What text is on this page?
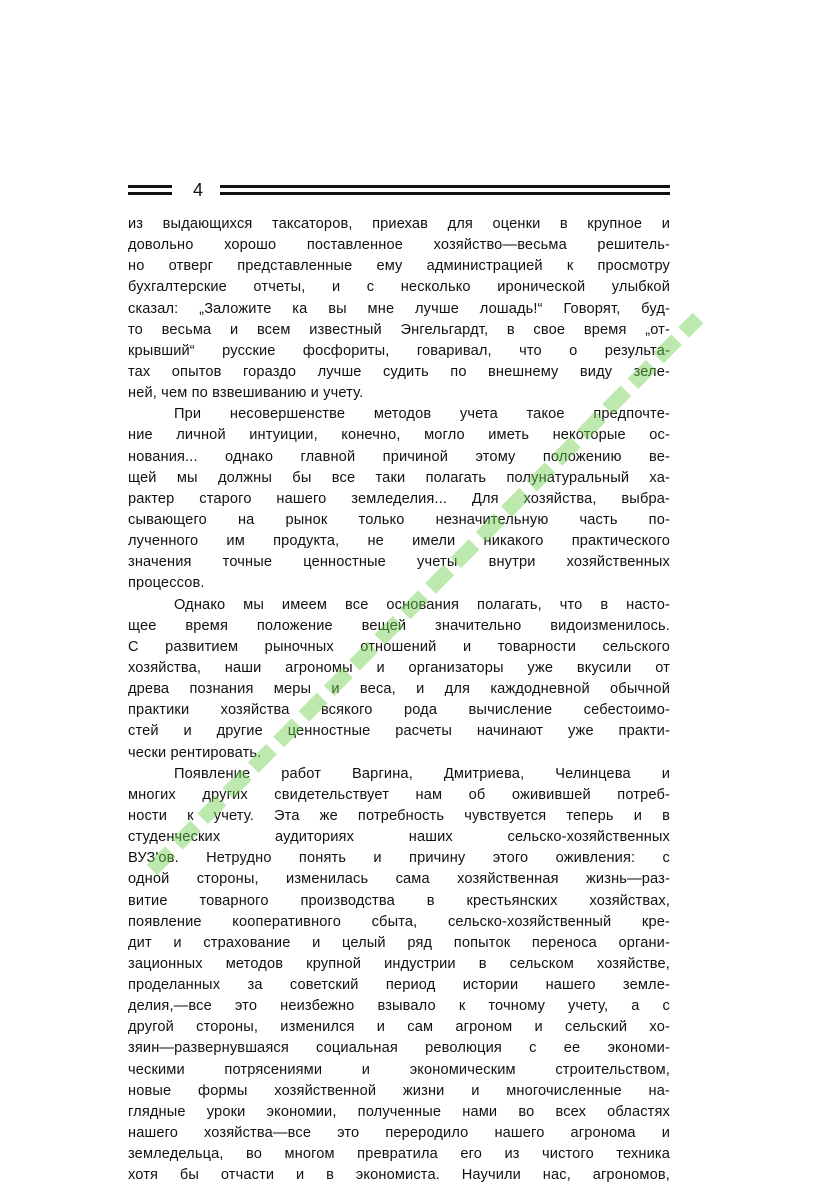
4
из выдающихся таксаторов, приехав для оценки в крупное и
довольно хорошо поставленное хозяйство—весьма решитель-
но отверг представленные ему администрацией к просмотру
бухгалтерские отчеты, и с несколько иронической улыбкой
сказал: „Заложите ка вы мне лучше лошадь!“ Говорят, буд-
то весьма и всем известный Энгельгардт, в свое время „от-
крывший“ русские фосфориты, говаривал, что о результа-
тах опытов гораздо лучше судить по внешнему виду зеле-
ней, чем по взвешиванию и учету.
При несовершенстве методов учета такое предпочте-
ние личной интуиции, конечно, могло иметь некоторые ос-
нования... однако главной причиной этому положению ве-
щей мы должны бы все таки полагать полунатуральный ха-
рактер старого нашего земледелия... Для хозяйства, выбра-
сывающего на рынок только незначительную часть по-
лученного им продукта, не имели никакого практического
значения точные ценностные учеты внутри хозяйственных
процессов.
Однако мы имеем все основания полагать, что в насто-
щее время положение вещей значительно видоизменилось.
С развитием рыночных отношений и товарности сельского
хозяйства, наши агрономы и организаторы уже вкусили от
древа познания меры и веса, и для каждодневной обычной
практики хозяйства всякого рода вычисление себестоимо-
стей и другие ценностные расчеты начинают уже практи-
чески рентировать.
Появление работ Варгина, Дмитриева, Челинцева и
многих других свидетельствует нам об оживившей потреб-
ности к учету. Эта же потребность чувствуется теперь и в
студенческих аудиториях наших сельско-хозяйственных
ВУЗ'ов. Нетрудно понять и причину этого оживления: с
одной стороны, изменилась сама хозяйственная жизнь—раз-
витие товарного производства в крестьянских хозяйствах,
появление кооперативного сбыта, сельско-хозяйственный кре-
дит и страхование и целый ряд попыток переноса органи-
зационных методов крупной индустрии в сельском хозяйстве,
проделанных за советский период истории нашего земле-
делия,—все это неизбежно взывало к точному учету, а с
другой стороны, изменился и сам агроном и сельский хо-
зяин—развернувшаяся социальная революция с ее экономи-
ческими потрясениями и экономическим строительством,
новые формы хозяйственной жизни и многочисленные на-
глядные уроки экономии, полученные нами во всех областях
нашего хозяйства—все это переродило нашего агронома и
земледельца, во многом превратила его из чистого техника
хотя бы отчасти и в экономиста. Научили нас, агрономов,
